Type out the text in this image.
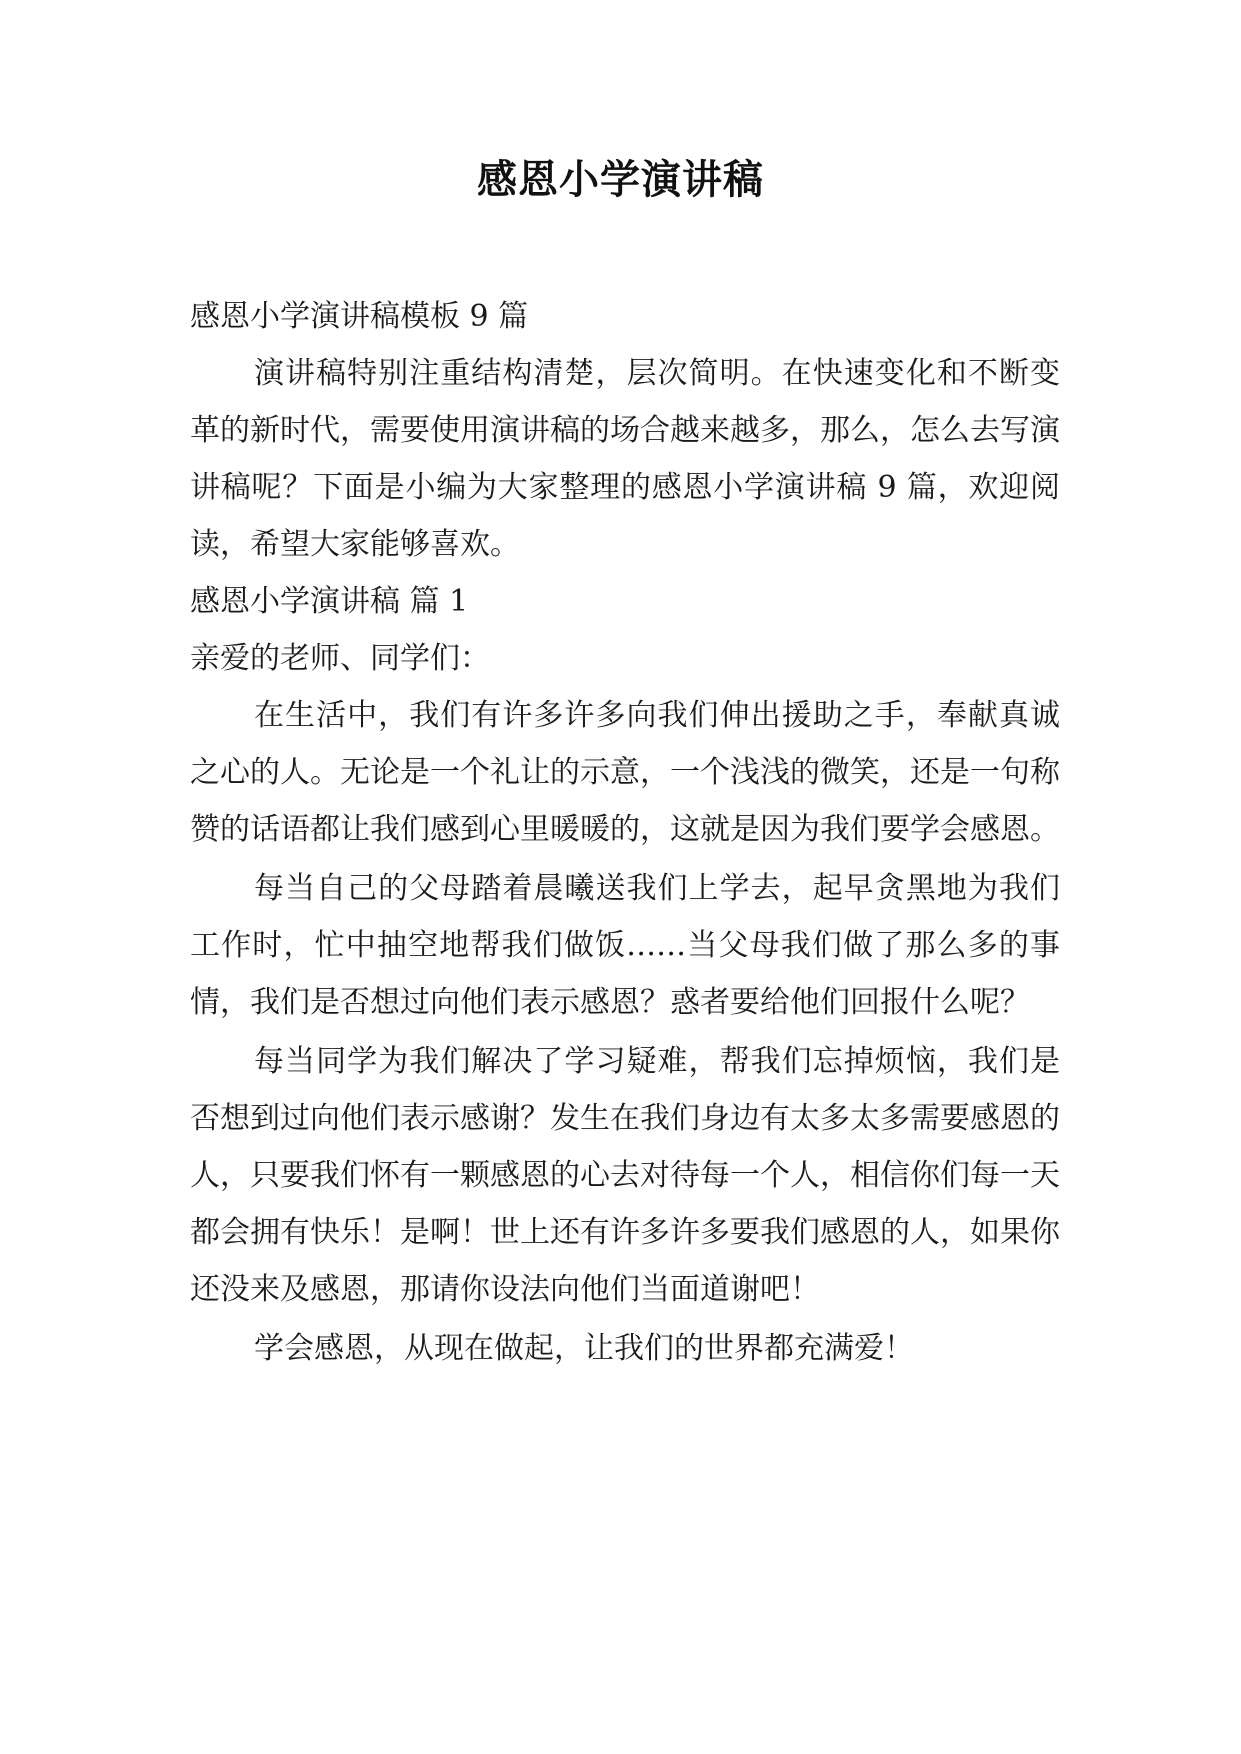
感恩小学演讲稿

感恩小学演讲稿模板 9 篇

演讲稿特别注重结构清楚，层次简明。在快速变化和不断变革的新时代，需要使用演讲稿的场合越来越多，那么，怎么去写演讲稿呢？下面是小编为大家整理的感恩小学演讲稿 9 篇，欢迎阅读，希望大家能够喜欢。

感恩小学演讲稿 篇 1

亲爱的老师、同学们：

在生活中，我们有许多许多向我们伸出援助之手，奉献真诚之心的人。无论是一个礼让的示意，一个浅浅的微笑，还是一句称赞的话语都让我们感到心里暖暖的，这就是因为我们要学会感恩。

每当自己的父母踏着晨曦送我们上学去，起早贪黑地为我们工作时，忙中抽空地帮我们做饭……当父母我们做了那么多的事情，我们是否想过向他们表示感恩？惑者要给他们回报什么呢？

每当同学为我们解决了学习疑难，帮我们忘掉烦恼，我们是否想到过向他们表示感谢？发生在我们身边有太多太多需要感恩的人，只要我们怀有一颗感恩的心去对待每一个人，相信你们每一天都会拥有快乐！是啊！世上还有许多许多要我们感恩的人，如果你还没来及感恩，那请你设法向他们当面道谢吧！

学会感恩，从现在做起，让我们的世界都充满爱！
